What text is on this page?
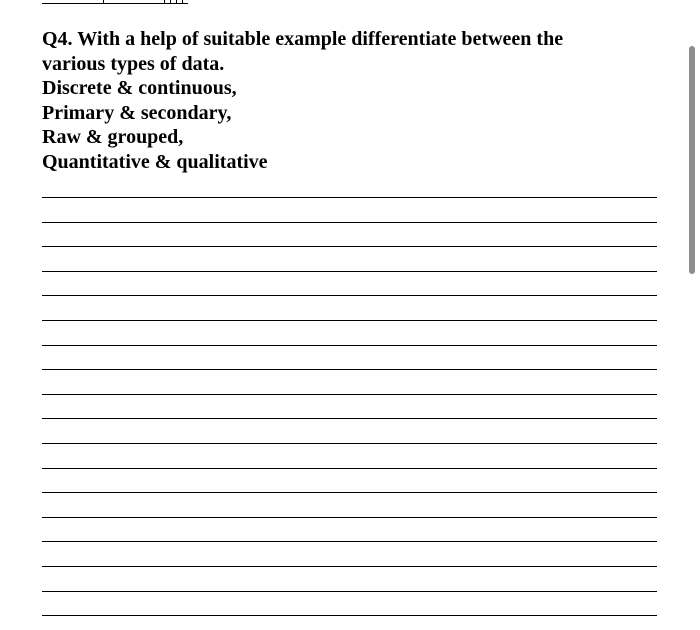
Q4. With a help of suitable example differentiate between the
various types of data.
Discrete & continuous,
Primary & secondary,
Raw & grouped,
Quantitative & qualitative
